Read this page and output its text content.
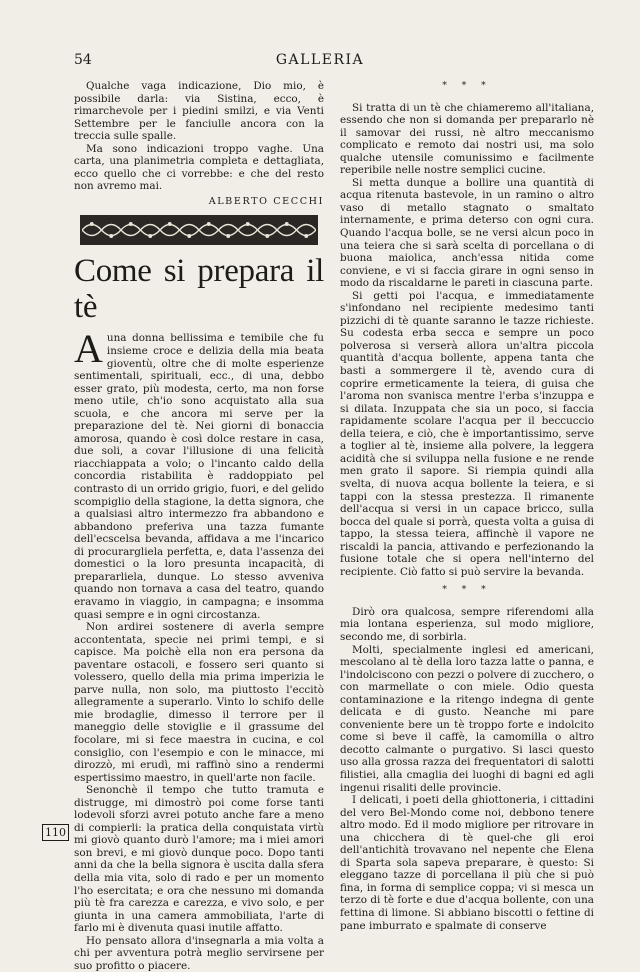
54	GALLERIA

Qualche vaga indicazione, Dio mio, è possibile darla: via Sistina, ecco, è rimarchevole per i piedini smilzi, e via Venti Settembre per le fanciulle ancora con la treccia sulle spalle.

Ma sono indicazioni troppo vaghe. Una carta, una planimetria completa e dettagliata, ecco quello che ci vorrebbe: e che del resto non avremo mai.

ALBERTO CECCHI
Come si prepara il tè

A una donna bellissima e temibile che fu insieme croce e delizia della mia beata gioventù, oltre che di molte esperienze sentimentali, spirituali, ecc., di una, debbo esser grato, più modesta, certo, ma non forse meno utile, ch'io sono acquistato alla sua scuola, e che ancora mi serve per la preparazione del tè. Nei giorni di bonaccia amorosa, quando è così dolce restare in casa, due soli, a covar l'illusione di una felicità riacchiappata a volo; o l'incanto caldo della concordia ristabilita è raddoppiato pel contrasto di un orrido grigio, fuori, e del gelido scompiglio della stagione, la detta signora, che a qualsiasi altro intermezzo fra abbandono e abbandono preferiva una tazza fumante dell'ecscelsa bevanda, affidava a me l'incarico di procurargliela perfetta, e, data l'assenza dei domestici o la loro presunta incapacità, di prepararliela, dunque. Lo stesso avveniva quando non tornava a casa del teatro, quando eravamo in viaggio, in campagna; e insomma quasi sempre e in ogni circostanza.

Non ardirei sostenere di averla sempre accontentata, specie nei primi tempi, e si capisce. Ma poichè ella non era persona da paventare ostacoli, e fossero seri quanto si volessero, quello della mia prima imperizia le parve nulla, non solo, ma piuttosto l'eccitò allegramente a superarlo. Vinto lo schifo delle mie brodaglie, dimesso il terrore per il maneggio delle stoviglie e il grassume del focolare, mi si fece maestra in cucina, e col consiglio, con l'esempio e con le minacce, mi dirozzò, mi erudì, mi raffinò sino a rendermi espertissimo maestro, in quell'arte non facile.

Senonchè il tempo che tutto tramuta e distrugge, mi dimostrò poi come forse tanti lodevoli sforzi avrei potuto anche fare a meno di compierli: la pratica della conquistata virtù mi giovò quanto durò l'amore; ma i miei amori son brevi, e mi giovò dunque poco. Dopo tanti anni da che la bella signora è uscita dalla sfera della mia vita, solo di rado e per un momento l'ho esercitata; e ora che nessuno mi domanda più tè fra carezza e carezza, e vivo solo, e per giunta in una camera ammobiliata, l'arte di farlo mi è divenuta quasi inutile affatto.

Ho pensato allora d'insegnarla a mia volta a chi per avventura potrà meglio servirsene per suo profitto o piacere.

110
* * *

Si tratta di un tè che chiameremo all'italiana, essendo che non si domanda per prepararlo nè il samovar dei russi, nè altro meccanismo complicato e remoto dai nostri usi, ma solo qualche utensile comunissimo e facilmente reperibile nelle nostre semplici cucine.

Si metta dunque a bollire una quantità di acqua ritenuta bastevole, in un ramino o altro vaso di metallo stagnato o smaltato internamente, e prima deterso con ogni cura. Quando l'acqua bolle, se ne versi alcun poco in una teiera che si sarà scelta di porcellana o di buona maiolica, anch'essa nitida come conviene, e vi si faccia girare in ogni senso in modo da riscaldarne le pareti in ciascuna parte.

Si getti poi l'acqua, e immediatamente s'infondano nel recipiente medesimo tanti pizzichi di tè quante saranno le tazze richieste. Su codesta erba secca e sempre un poco polverosa si verserà allora un'altra piccola quantità d'acqua bollente, appena tanta che basti a sommergere il tè, avendo cura di coprire ermeticamente la teiera, di guisa che l'aroma non svanisca mentre l'erba s'inzuppa e si dilata. Inzuppata che sia un poco, si faccia rapidamente scolare l'acqua per il beccuccio della teiera, e ciò, che è importantissimo, serve a toglier al tè, insieme alla polvere, la leggera acidità che si sviluppa nella fusione e ne rende men grato il sapore. Si riempia quindi alla svelta, di nuova acqua bollente la teiera, e si tappi con la stessa prestezza. Il rimanente dell'acqua si versi in un capace bricco, sulla bocca del quale si porrà, questa volta a guisa di tappo, la stessa teiera, affinchè il vapore ne riscaldi la pancia, attivando e perfezionando la fusione totale che si opera nell'interno del recipiente. Ciò fatto si può servire la bevanda.

* * *

Dirò ora qualcosa, sempre riferendomi alla mia lontana esperienza, sul modo migliore, secondo me, di sorbirla.

Molti, specialmente inglesi ed americani, mescolano al tè della loro tazza latte o panna, e l'indolciscono con pezzi o polvere di zucchero, o con marmellate o con miele. Odio questa contaminazione e la ritengo indegna di gente delicata e di gusto. Neanche mi pare conveniente bere un tè troppo forte e indolcito come si beve il caffè, la camomilla o altro decotto calmante o purgativo. Si lasci questo uso alla grossa razza dei frequentatori di salotti filistiei, alla cmaglia dei luoghi di bagni ed agli ingenui risaliti delle provincie.

I delicati, i poeti della ghiottoneria, i cittadini del vero Bel-Mondo come noi, debbono tenere altro modo. Ed il modo migliore per ritrovare in una chicchera di tè quel-che gli eroi dell'antichità trovavano nel nepente che Elena di Sparta sola sapeva preparare, è questo: Si eleggano tazze di porcellana il più che si può fina, in forma di semplice coppa; vi si mesca un terzo di tè forte e due d'acqua bollente, con una fettina di limone. Si abbiano biscotti o fettine di pane imburrato e spalmate di conserve
